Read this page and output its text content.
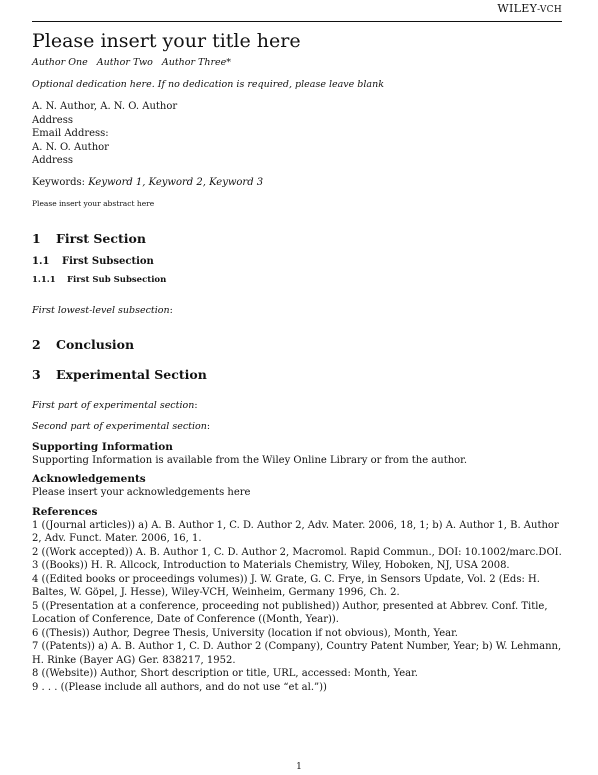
WILEY-VCH
Please insert your title here
Author One Author Two Author Three*
Optional dedication here. If no dedication is required, please leave blank
A. N. Author, A. N. O. Author
Address
Email Address:
A. N. O. Author
Address
Keywords: Keyword 1, Keyword 2, Keyword 3
Please insert your abstract here
1 First Section
1.1 First Subsection
1.1.1 First Sub Subsection
First lowest-level subsection:
2 Conclusion
3 Experimental Section
First part of experimental section:
Second part of experimental section:
Supporting Information
Supporting Information is available from the Wiley Online Library or from the author.
Acknowledgements
Please insert your acknowledgements here
References
1 ((Journal articles)) a) A. B. Author 1, C. D. Author 2, Adv. Mater. 2006, 18, 1; b) A. Author 1, B. Author 2, Adv. Funct. Mater. 2006, 16, 1.
2 ((Work accepted)) A. B. Author 1, C. D. Author 2, Macromol. Rapid Commun., DOI: 10.1002/marc.DOI.
3 ((Books)) H. R. Allcock, Introduction to Materials Chemistry, Wiley, Hoboken, NJ, USA 2008.
4 ((Edited books or proceedings volumes)) J. W. Grate, G. C. Frye, in Sensors Update, Vol. 2 (Eds: H. Baltes, W. Göpel, J. Hesse), Wiley-VCH, Weinheim, Germany 1996, Ch. 2.
5 ((Presentation at a conference, proceeding not published)) Author, presented at Abbrev. Conf. Title, Location of Conference, Date of Conference ((Month, Year)).
6 ((Thesis)) Author, Degree Thesis, University (location if not obvious), Month, Year.
7 ((Patents)) a) A. B. Author 1, C. D. Author 2 (Company), Country Patent Number, Year; b) W. Lehmann, H. Rinke (Bayer AG) Ger. 838217, 1952.
8 ((Website)) Author, Short description or title, URL, accessed: Month, Year.
9 . . . ((Please include all authors, and do not use “et al.”))
1
